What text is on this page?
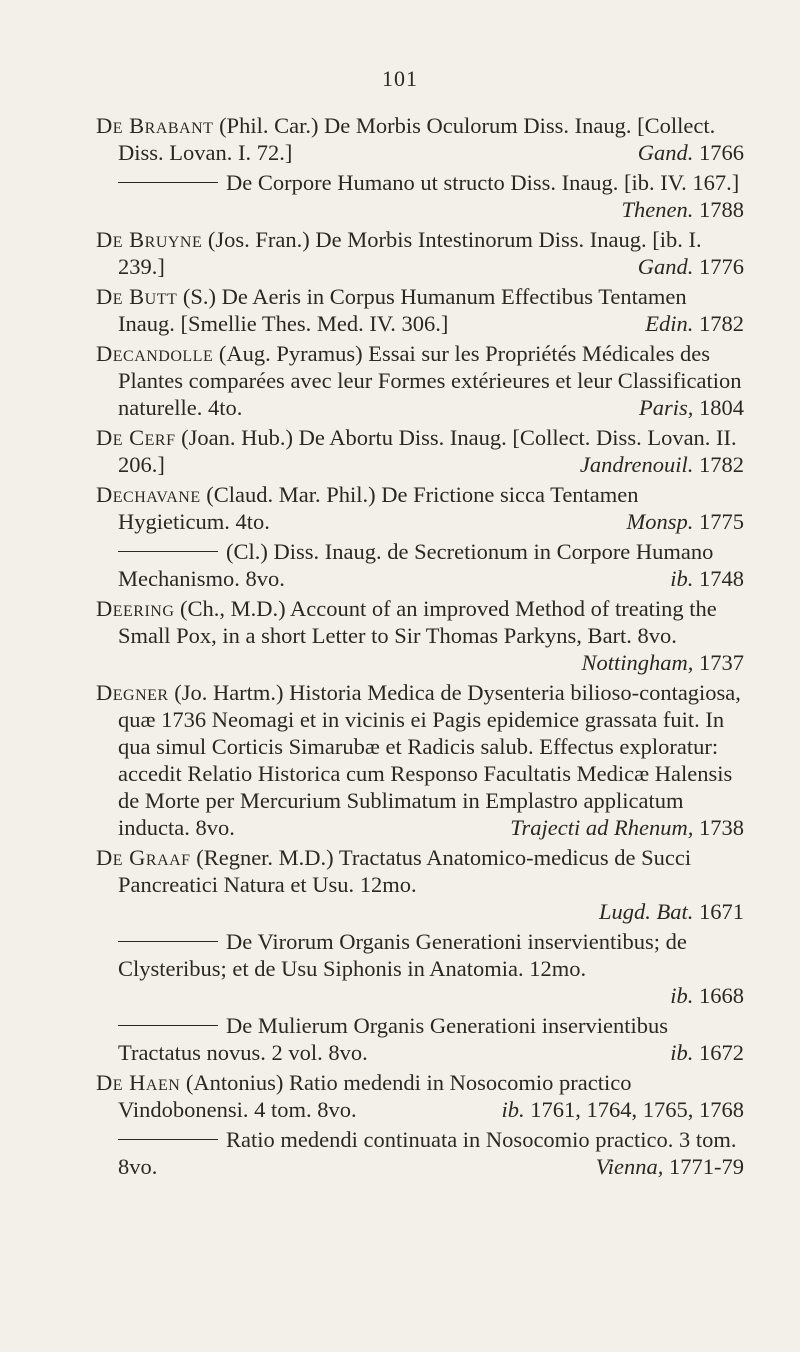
101
De Brabant (Phil. Car.) De Morbis Oculorum Diss. Inaug. [Collect. Diss. Lovan. I. 72.]	Gand. 1766
De Corpore Humano ut structo Diss. Inaug. [ib. IV. 167.]
Thenen. 1788
De Bruyne (Jos. Fran.) De Morbis Intestinorum Diss. Inaug. [ib. I. 239.]	Gand. 1776
De Butt (S.) De Aeris in Corpus Humanum Effectibus Tentamen Inaug. [Smellie Thes. Med. IV. 306.]	Edin. 1782
Decandolle (Aug. Pyramus) Essai sur les Propriétés Médicales des Plantes comparées avec leur Formes extérieures et leur Classification naturelle. 4to.	Paris, 1804
De Cerf (Joan. Hub.) De Abortu Diss. Inaug. [Collect. Diss. Lovan. II. 206.]	Jandrenouil. 1782
Dechavane (Claud. Mar. Phil.) De Frictione sicca Tentamen Hygieticum. 4to.	Monsp. 1775
(Cl.) Diss. Inaug. de Secretionum in Corpore Humano Mechanismo. 8vo.	ib. 1748
Deering (Ch., M.D.) Account of an improved Method of treating the Small Pox, in a short Letter to Sir Thomas Parkyns, Bart. 8vo.
Nottingham, 1737
Degner (Jo. Hartm.) Historia Medica de Dysenteria bilioso-contagiosa, quæ 1736 Neomagi et in vicinis ei Pagis epidemice grassata fuit. In qua simul Corticis Simarubæ et Radicis salub. Effectus exploratur: accedit Relatio Historica cum Responso Facultatis Medicæ Halensis de Morte per Mercurium Sublimatum in Emplastro applicatum inducta. 8vo.	Trajecti ad Rhenum, 1738
De Graaf (Regner. M.D.) Tractatus Anatomico-medicus de Succi Pancreatici Natura et Usu. 12mo.
Lugd. Bat. 1671
De Virorum Organis Generationi inservientibus; de Clysteribus; et de Usu Siphonis in Anatomia. 12mo.
ib. 1668
De Mulierum Organis Generationi inservientibus Tractatus novus. 2 vol. 8vo.	ib. 1672
De Haen (Antonius) Ratio medendi in Nosocomio practico Vindobonensi. 4 tom. 8vo.	ib. 1761, 1764, 1765, 1768
Ratio medendi continuata in Nosocomio practico. 3 tom. 8vo.	Vienna, 1771-79
